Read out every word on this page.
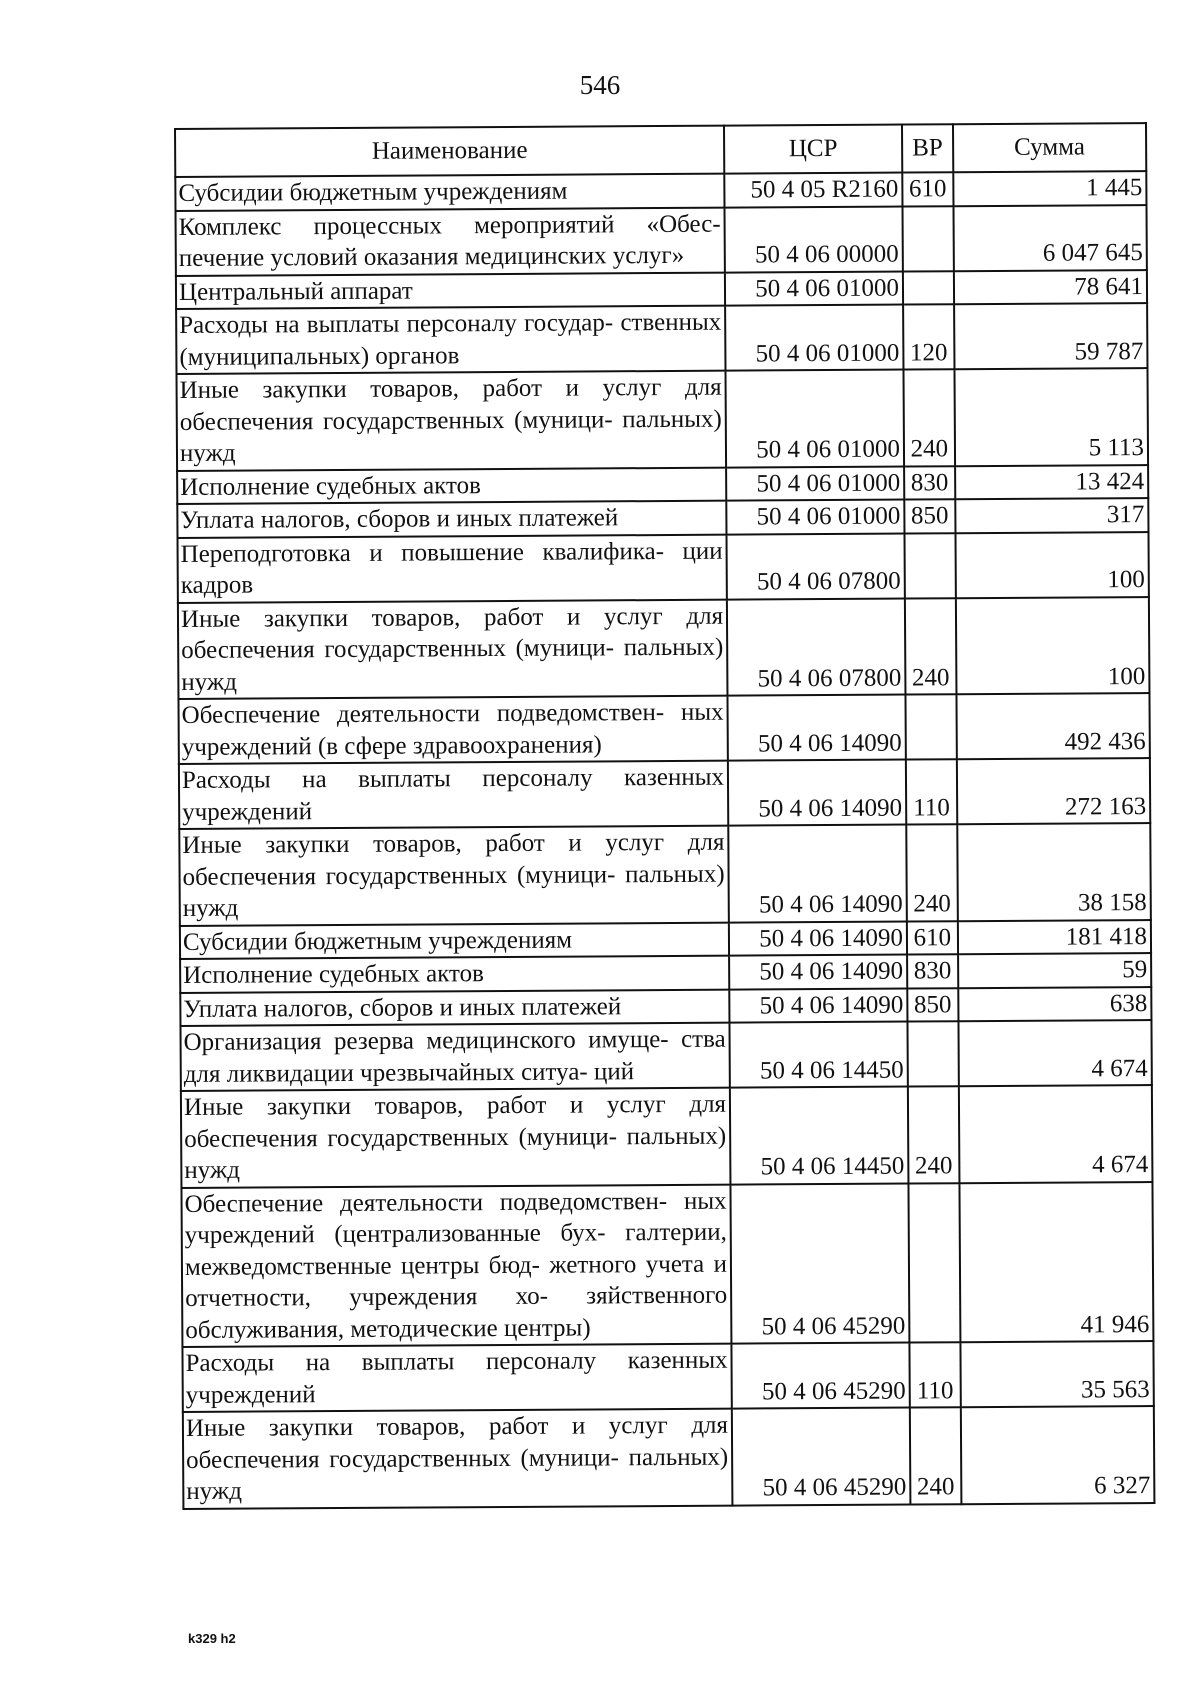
546
Наименование	ЦСР	ВР	Сумма
Субсидии бюджетным учреждениям	50 4 05 R2160	610	1 445
Комплекс процессных мероприятий «Обес- печение условий оказания медицинских услуг»	50 4 06 00000		6 047 645
Центральный аппарат	50 4 06 01000		78 641
Расходы на выплаты персоналу государ- ственных (муниципальных) органов	50 4 06 01000	120	59 787
Иные закупки товаров, работ и услуг для обеспечения государственных (муници- пальных) нужд	50 4 06 01000	240	5 113
Исполнение судебных актов	50 4 06 01000	830	13 424
Уплата налогов, сборов и иных платежей	50 4 06 01000	850	317
Переподготовка и повышение квалифика- ции кадров	50 4 06 07800		100
Иные закупки товаров, работ и услуг для обеспечения государственных (муници- пальных) нужд	50 4 06 07800	240	100
Обеспечение деятельности подведомствен- ных учреждений (в сфере здравоохранения)	50 4 06 14090		492 436
Расходы на выплаты персоналу казенных учреждений	50 4 06 14090	110	272 163
Иные закупки товаров, работ и услуг для обеспечения государственных (муници- пальных) нужд	50 4 06 14090	240	38 158
Субсидии бюджетным учреждениям	50 4 06 14090	610	181 418
Исполнение судебных актов	50 4 06 14090	830	59
Уплата налогов, сборов и иных платежей	50 4 06 14090	850	638
Организация резерва медицинского имуще- ства для ликвидации чрезвычайных ситуа- ций	50 4 06 14450		4 674
Иные закупки товаров, работ и услуг для обеспечения государственных (муници- пальных) нужд	50 4 06 14450	240	4 674
Обеспечение деятельности подведомствен- ных учреждений (централизованные бух- галтерии, межведомственные центры бюд- жетного учета и отчетности, учреждения хо- зяйственного обслуживания, методические центры)	50 4 06 45290		41 946
Расходы на выплаты персоналу казенных учреждений	50 4 06 45290	110	35 563
Иные закупки товаров, работ и услуг для обеспечения государственных (муници- пальных) нужд	50 4 06 45290	240	6 327
k329 h2
